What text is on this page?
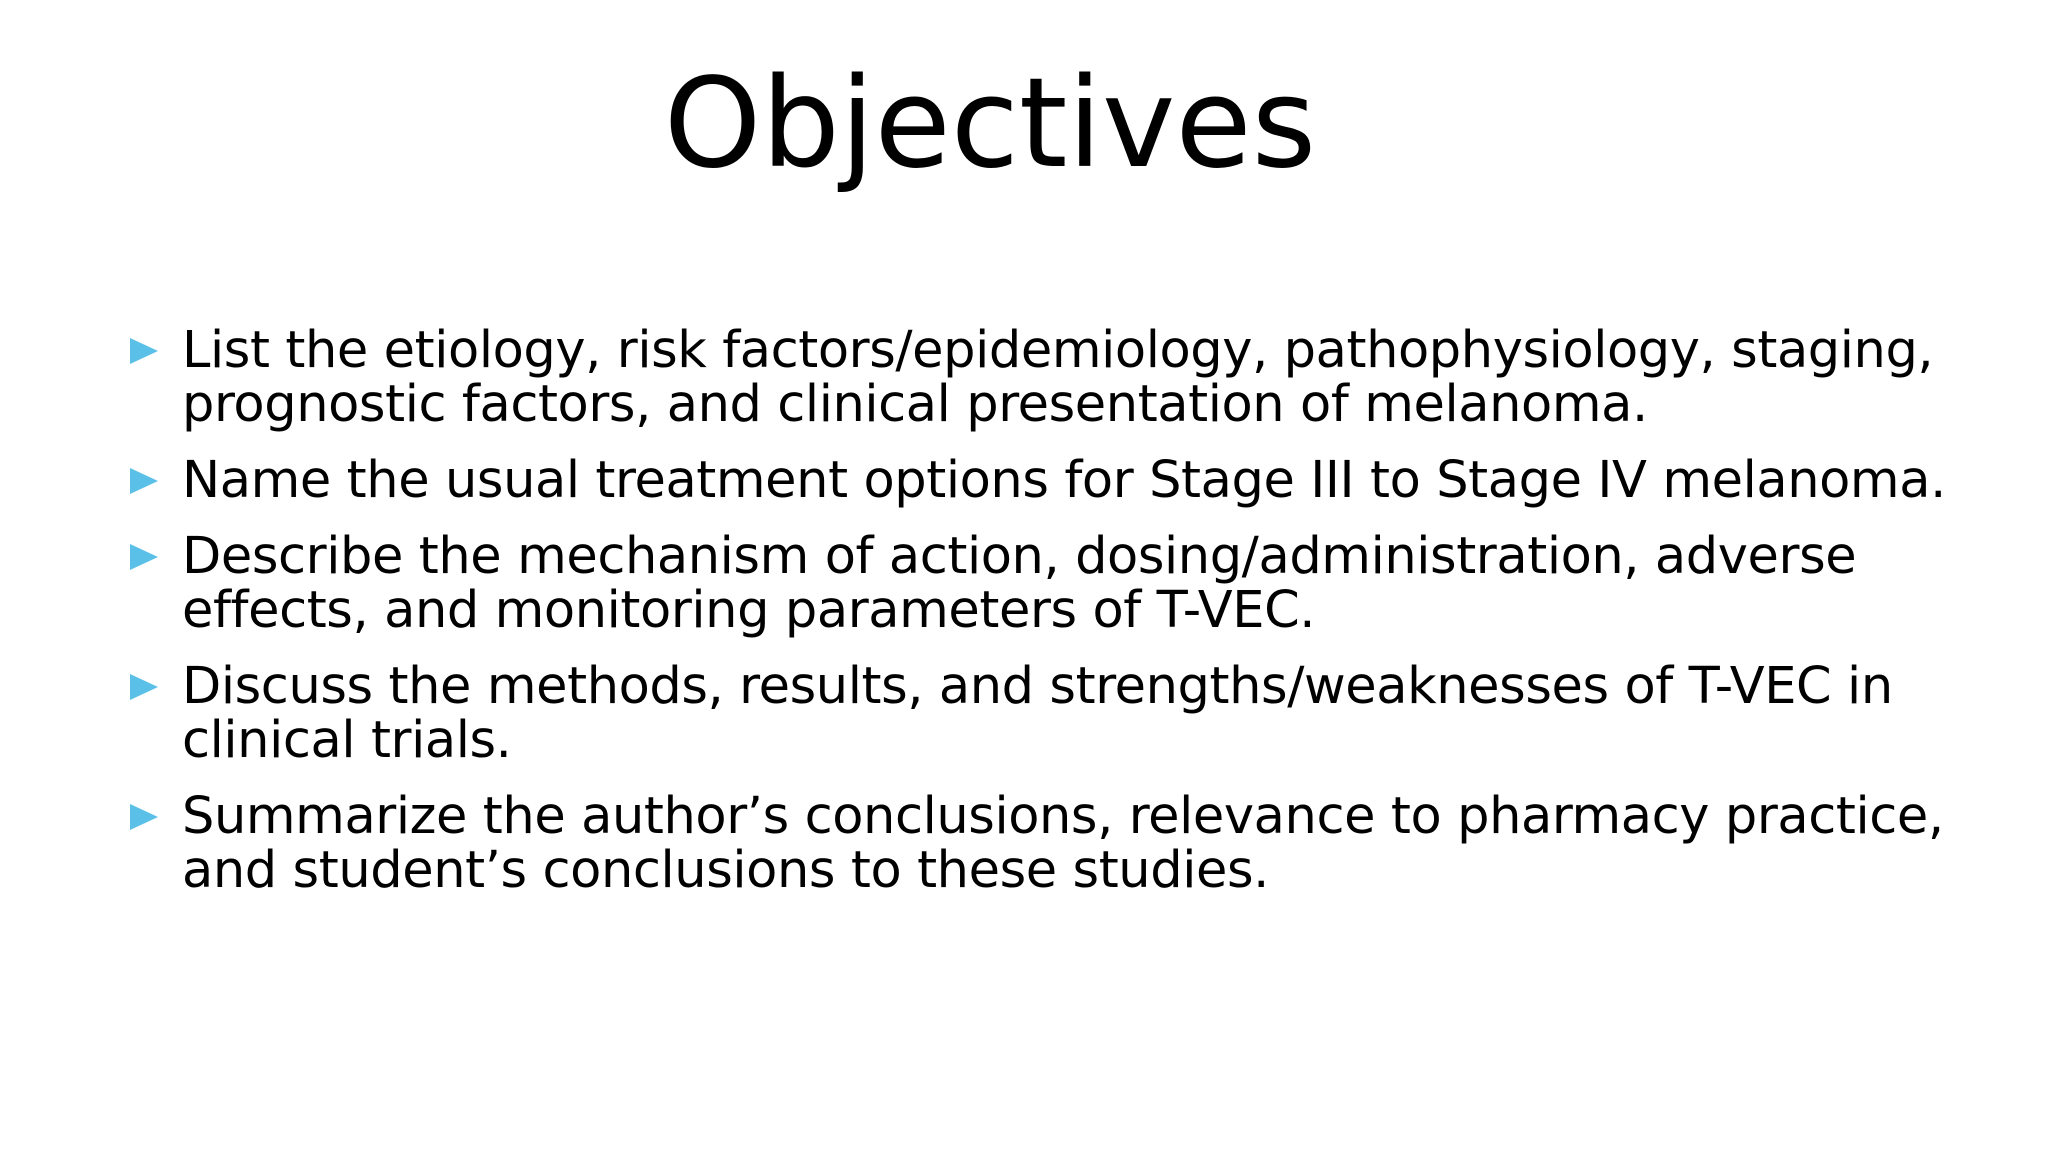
Objectives
List the etiology, risk factors/epidemiology, pathophysiology, staging, prognostic factors, and clinical presentation of melanoma.
Name the usual treatment options for Stage III to Stage IV melanoma.
Describe the mechanism of action, dosing/administration, adverse effects, and monitoring parameters of T-VEC.
Discuss the methods, results, and strengths/weaknesses of T-VEC in clinical trials.
Summarize the author’s conclusions, relevance to pharmacy practice, and student’s conclusions to these studies.
